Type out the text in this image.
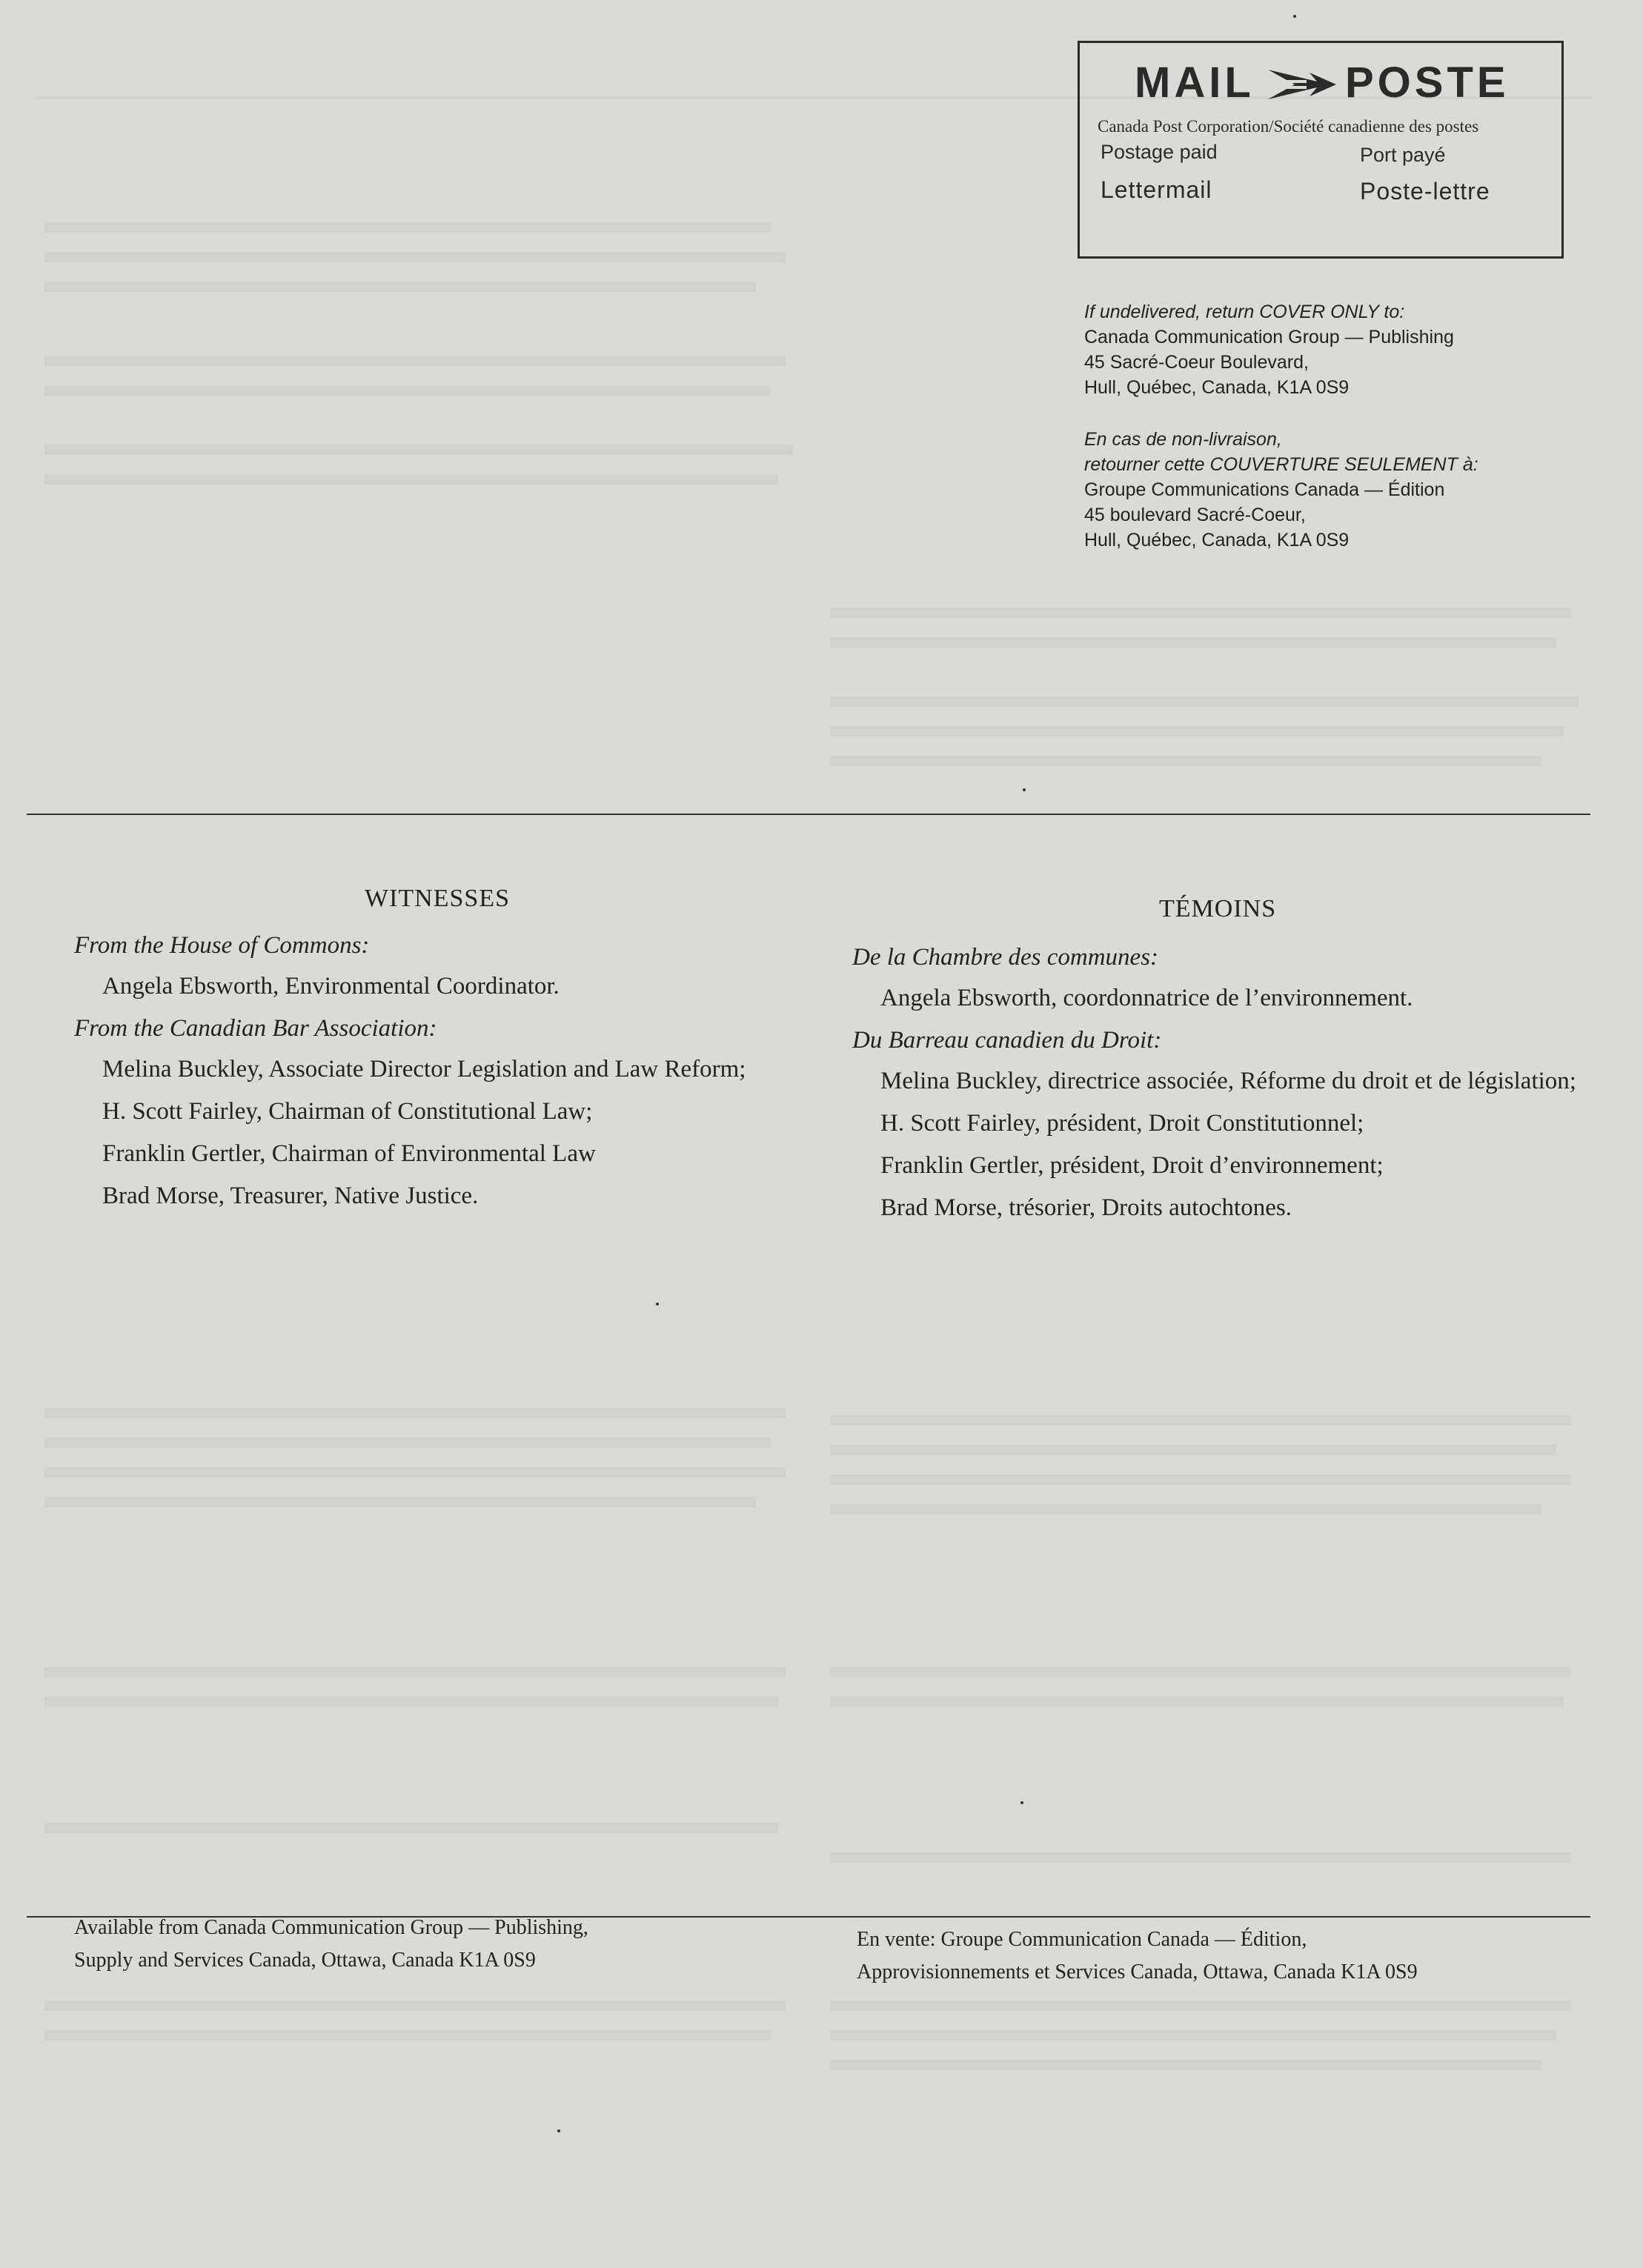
MAIL POSTE
Canada Post Corporation/Société canadienne des postes
Postage paid	Port payé
Lettermail	Poste-lettre
If undelivered, return COVER ONLY to:
Canada Communication Group — Publishing
45 Sacré-Coeur Boulevard,
Hull, Québec, Canada, K1A 0S9
En cas de non-livraison,
retourner cette COUVERTURE SEULEMENT à:
Groupe Communications Canada — Édition
45 boulevard Sacré-Coeur,
Hull, Québec, Canada, K1A 0S9
WITNESSES
From the House of Commons:
Angela Ebsworth, Environmental Coordinator.
From the Canadian Bar Association:
Melina Buckley, Associate Director Legislation and Law Reform;
H. Scott Fairley, Chairman of Constitutional Law;
Franklin Gertler, Chairman of Environmental Law
Brad Morse, Treasurer, Native Justice.
TÉMOINS
De la Chambre des communes:
Angela Ebsworth, coordonnatrice de l’environnement.
Du Barreau canadien du Droit:
Melina Buckley, directrice associée, Réforme du droit et de législation;
H. Scott Fairley, président, Droit Constitutionnel;
Franklin Gertler, président, Droit d’environnement;
Brad Morse, trésorier, Droits autochtones.
Available from Canada Communication Group — Publishing,
Supply and Services Canada, Ottawa, Canada K1A 0S9
En vente: Groupe Communication Canada — Édition,
Approvisionnements et Services Canada, Ottawa, Canada K1A 0S9
